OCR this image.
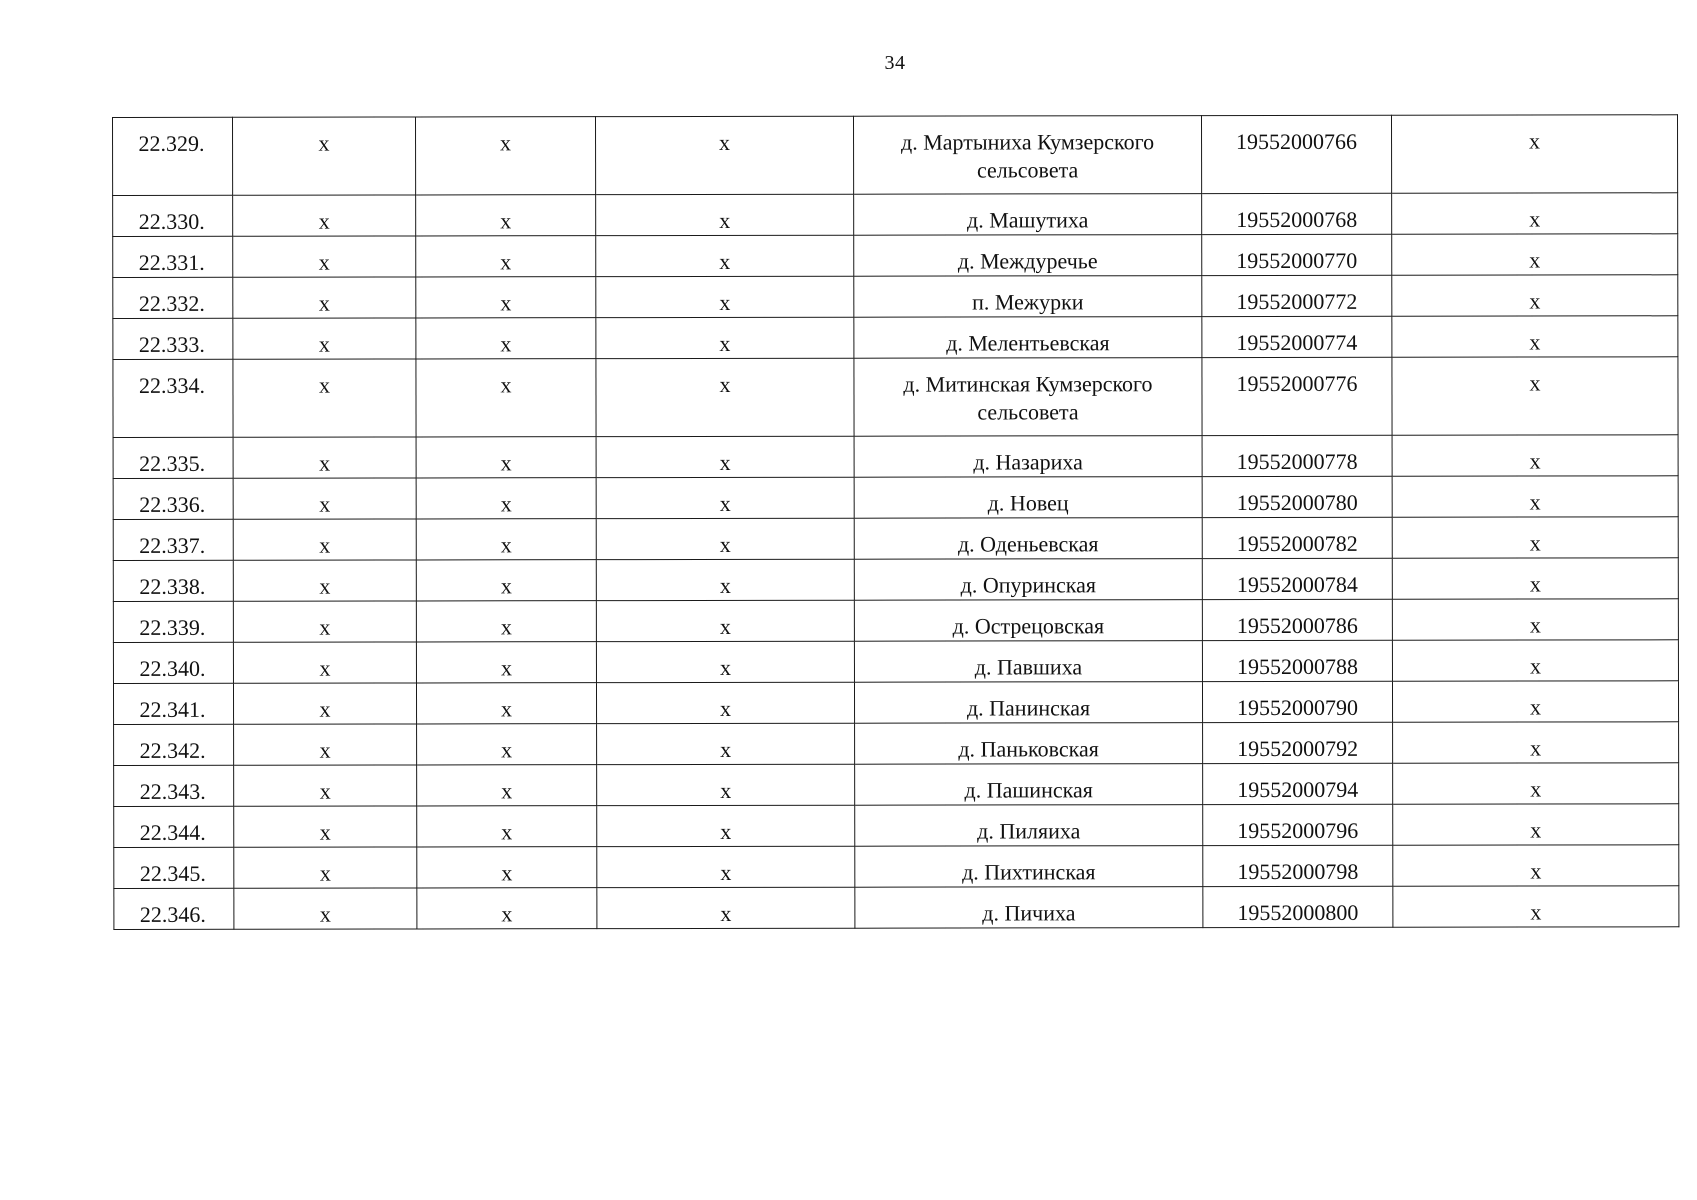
34
22.329.	x	x	x	д. Мартыниха Кумзерского сельсовета	19552000766	x
22.330.	x	x	x	д. Машутиха	19552000768	x
22.331.	x	x	x	д. Междуречье	19552000770	x
22.332.	x	x	x	п. Межурки	19552000772	x
22.333.	x	x	x	д. Мелентьевская	19552000774	x
22.334.	x	x	x	д. Митинская Кумзерского сельсовета	19552000776	x
22.335.	x	x	x	д. Назариха	19552000778	x
22.336.	x	x	x	д. Новец	19552000780	x
22.337.	x	x	x	д. Оденьевская	19552000782	x
22.338.	x	x	x	д. Опуринская	19552000784	x
22.339.	x	x	x	д. Острецовская	19552000786	x
22.340.	x	x	x	д. Павшиха	19552000788	x
22.341.	x	x	x	д. Панинская	19552000790	x
22.342.	x	x	x	д. Паньковская	19552000792	x
22.343.	x	x	x	д. Пашинская	19552000794	x
22.344.	x	x	x	д. Пиляиха	19552000796	x
22.345.	x	x	x	д. Пихтинская	19552000798	x
22.346.	x	x	x	д. Пичиха	19552000800	x
